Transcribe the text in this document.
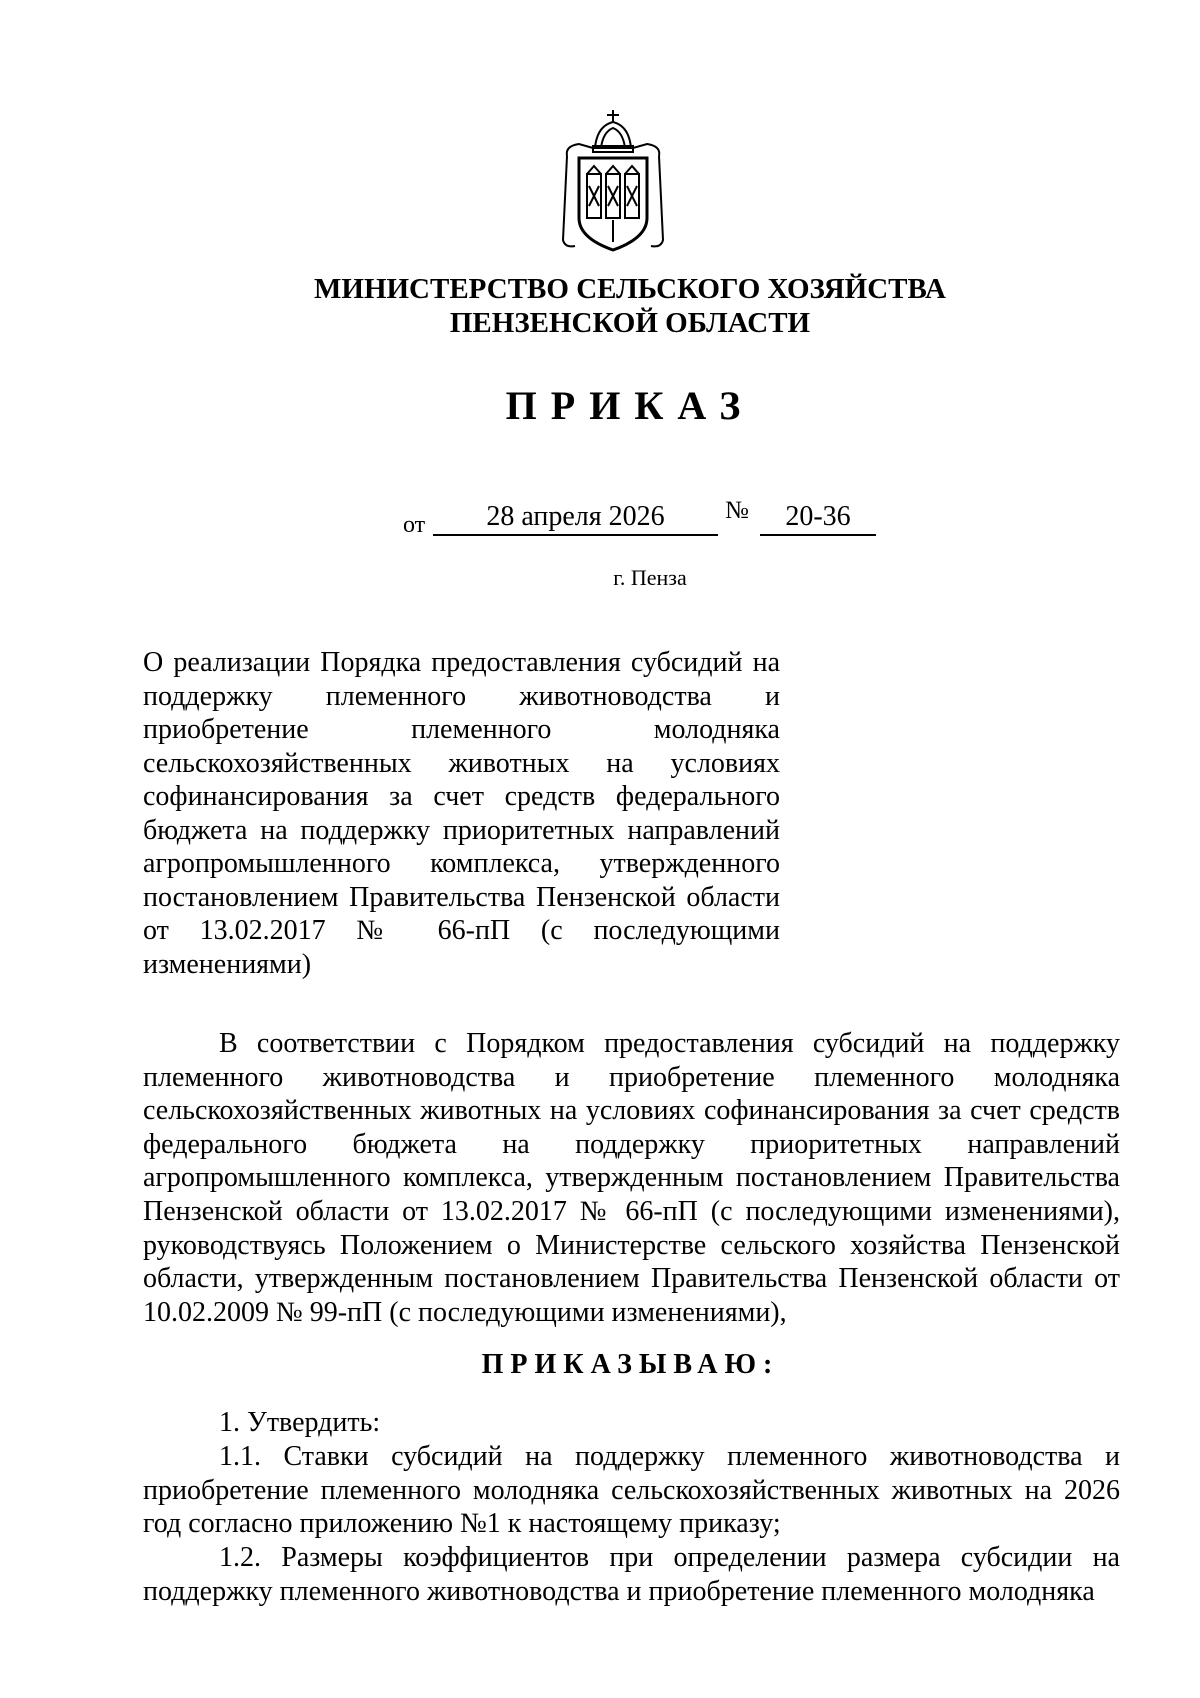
МИНИСТЕРСТВО СЕЛЬСКОГО ХОЗЯЙСТВА
ПЕНЗЕНСКОЙ ОБЛАСТИ
ПРИКАЗ
от	28 апреля 2026	№	20-36
г. Пенза
О реализации Порядка предоставления субсидий на поддержку племенного животноводства и приобретение племенного молодняка сельскохозяйственных животных на условиях софинансирования за счет средств федерального бюджета на поддержку приоритетных направлений агропромышленного комплекса, утвержденного постановлением Правительства Пензенской области от 13.02.2017 № 66-пП (с последующими изменениями)

В соответствии с Порядком предоставления субсидий на поддержку племенного животноводства и приобретение племенного молодняка сельскохозяйственных животных на условиях софинансирования за счет средств федерального бюджета на поддержку приоритетных направлений агропромышленного комплекса, утвержденным постановлением Правительства Пензенской области от 13.02.2017 № 66-пП (с последующими изменениями), руководствуясь Положением о Министерстве сельского хозяйства Пензенской области, утвержденным постановлением Правительства Пензенской области от 10.02.2009 № 99-пП (с последующими изменениями),

ПРИКАЗЫВАЮ:

1. Утвердить:

1.1. Ставки субсидий на поддержку племенного животноводства и приобретение племенного молодняка сельскохозяйственных животных на 2026 год согласно приложению №1 к настоящему приказу;

1.2. Размеры коэффициентов при определении размера субсидии на поддержку племенного животноводства и приобретение племенного молодняка
